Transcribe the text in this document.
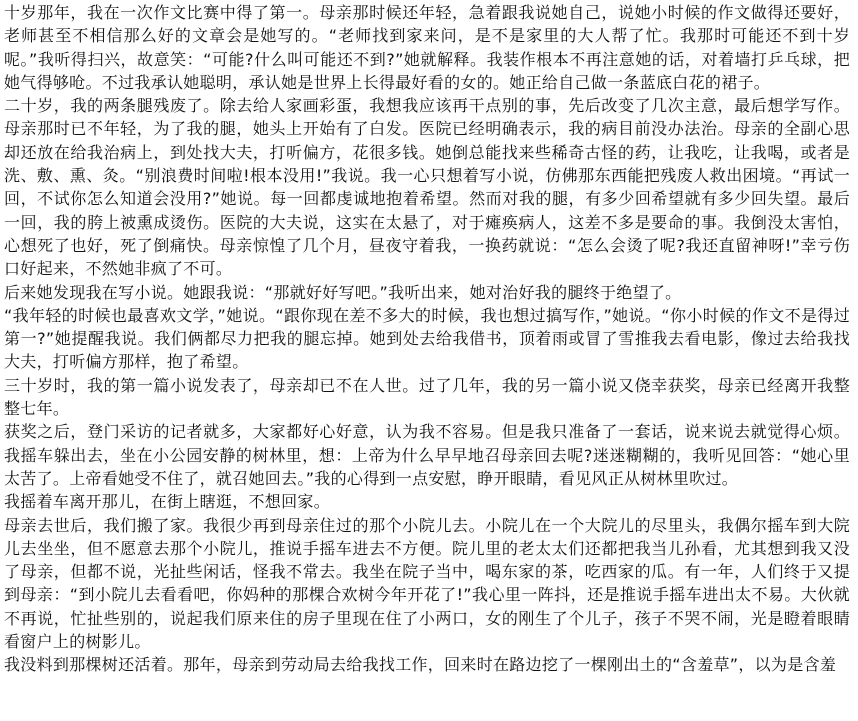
十岁那年，我在一次作文比赛中得了第一。母亲那时候还年轻，急着跟我说她自己，说她小时候的作文做得还要好，老师甚至不相信那么好的文章会是她写的。“老师找到家来问，是不是家里的大人帮了忙。我那时可能还不到十岁呢。”我听得扫兴，故意笑：“可能?什么叫可能还不到?”她就解释。我装作根本不再注意她的话，对着墙打乒乓球，把她气得够呛。不过我承认她聪明，承认她是世界上长得最好看的女的。她正给自己做一条蓝底白花的裙子。

二十岁，我的两条腿残废了。除去给人家画彩蛋，我想我应该再干点别的事，先后改变了几次主意，最后想学写作。母亲那时已不年轻，为了我的腿，她头上开始有了白发。医院已经明确表示，我的病目前没办法治。母亲的全副心思却还放在给我治病上，到处找大夫，打听偏方，花很多钱。她倒总能找来些稀奇古怪的药，让我吃，让我喝，或者是洗、敷、熏、灸。“别浪费时间啦!根本没用!”我说。我一心只想着写小说，仿佛那东西能把残废人救出困境。“再试一回，不试你怎么知道会没用?”她说。每一回都虔诚地抱着希望。然而对我的腿，有多少回希望就有多少回失望。最后一回，我的胯上被熏成烫伤。医院的大夫说，这实在太悬了，对于瘫痪病人，这差不多是要命的事。我倒没太害怕，心想死了也好，死了倒痛快。母亲惊惶了几个月，昼夜守着我，一换药就说：“怎么会烫了呢?我还直留神呀!”幸亏伤口好起来，不然她非疯了不可。

后来她发现我在写小说。她跟我说：“那就好好写吧。”我听出来，她对治好我的腿终于绝望了。

“我年轻的时候也最喜欢文学，”她说。“跟你现在差不多大的时候，我也想过搞写作，”她说。“你小时候的作文不是得过第一?”她提醒我说。我们俩都尽力把我的腿忘掉。她到处去给我借书，顶着雨或冒了雪推我去看电影，像过去给我找大夫，打听偏方那样，抱了希望。

三十岁时，我的第一篇小说发表了，母亲却已不在人世。过了几年，我的另一篇小说又侥幸获奖，母亲已经离开我整整七年。

获奖之后，登门采访的记者就多，大家都好心好意，认为我不容易。但是我只准备了一套话，说来说去就觉得心烦。我摇车躲出去，坐在小公园安静的树林里，想：上帝为什么早早地召母亲回去呢?迷迷糊糊的，我听见回答：“她心里太苦了。上帝看她受不住了，就召她回去。”我的心得到一点安慰，睁开眼睛，看见风正从树林里吹过。

我摇着车离开那儿，在街上瞎逛，不想回家。

母亲去世后，我们搬了家。我很少再到母亲住过的那个小院儿去。小院儿在一个大院儿的尽里头，我偶尔摇车到大院儿去坐坐，但不愿意去那个小院儿，推说手摇车进去不方便。院儿里的老太太们还都把我当儿孙看，尤其想到我又没了母亲，但都不说，光扯些闲话，怪我不常去。我坐在院子当中，喝东家的茶，吃西家的瓜。有一年，人们终于又提到母亲：“到小院儿去看看吧，你妈种的那棵合欢树今年开花了!”我心里一阵抖，还是推说手摇车进出太不易。大伙就不再说，忙扯些别的，说起我们原来住的房子里现在住了小两口，女的刚生了个儿子，孩子不哭不闹，光是瞪着眼睛看窗户上的树影儿。

我没料到那棵树还活着。那年，母亲到劳动局去给我找工作，回来时在路边挖了一棵刚出土的“含羞草”，以为是含羞
